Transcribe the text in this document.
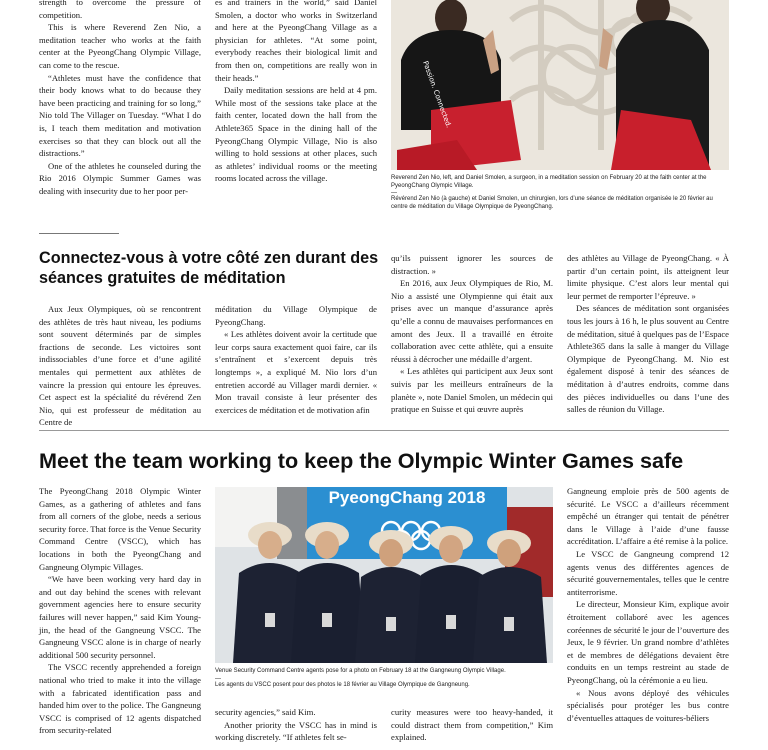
strength to overcome the pressure of competition.

This is where Reverend Zen Nio, a meditation teacher who works at the faith center at the PyeongChang Olympic Village, can come to the rescue.

“Athletes must have the confidence that their body knows what to do because they have been practicing and training for so long,” Nio told The Villager on Tuesday. “What I do is, I teach them meditation and motivation exercises so that they can block out all the distractions.”

One of the athletes he counseled during the Rio 2016 Olympic Summer Games was dealing with insecurity due to her poor per-

es and trainers in the world,” said Daniel Smolen, a doctor who works in Switzerland and here at the PyeongChang Village as a physician for athletes. “At some point, everybody reaches their biological limit and from then on, competitions are really won in their heads.”

Daily meditation sessions are held at 4 pm. While most of the sessions take place at the faith center, located down the hall from the Athlete365 Space in the dining hall of the PyeongChang Olympic Village, Nio is also willing to hold sessions at other places, such as athletes’ individual rooms or the meeting rooms located across the village.

Passion. Connected.
Reverend Zen Nio, left, and Daniel Smolen, a surgeon, in a meditation session on February 20 at the faith center at the PyeongChang Olympic Village.
—
Révérend Zen Nio (à gauche) et Daniel Smolen, un chirurgien, lors d’une séance de méditation organisée le 20 février au centre de méditation du Village Olympique de PyeongChang.
Connectez-vous à votre côté zen durant des séances gratuites de méditation

Aux Jeux Olympiques, où se rencontrent des athlètes de très haut niveau, les podiums sont souvent déterminés par de simples fractions de seconde. Les victoires sont indissociables d’une force et d’une agilité mentales qui permettent aux athlètes de vaincre la pression qui entoure les épreuves. Cet aspect est la spécialité du révérend Zen Nio, qui est professeur de méditation au Centre de

méditation du Village Olympique de PyeongChang.

« Les athlètes doivent avoir la certitude que leur corps saura exactement quoi faire, car ils s’entraînent et s’exercent depuis très longtemps », a expliqué M. Nio lors d’un entretien accordé au Villager mardi dernier. « Mon travail consiste à leur présenter des exercices de méditation et de motivation afin

qu’ils puissent ignorer les sources de distraction. »

En 2016, aux Jeux Olympiques de Rio, M. Nio a assisté une Olympienne qui était aux prises avec un manque d’assurance après qu’elle a connu de mauvaises performances en amont des Jeux. Il a travaillé en étroite collaboration avec cette athlète, qui a ensuite réussi à décrocher une médaille d’argent.

« Les athlètes qui participent aux Jeux sont suivis par les meilleurs entraîneurs de la planète », note Daniel Smolen, un médecin qui pratique en Suisse et qui œuvre auprès

des athlètes au Village de PyeongChang. « À partir d’un certain point, ils atteignent leur limite physique. C’est alors leur mental qui leur permet de remporter l’épreuve. »

Des séances de méditation sont organisées tous les jours à 16 h, le plus souvent au Centre de méditation, situé à quelques pas de l’Espace Athlete365 dans la salle à manger du Village Olympique de PyeongChang. M. Nio est également disposé à tenir des séances de méditation à d’autres endroits, comme dans des pièces individuelles ou dans l’une des salles de réunion du Village.

Meet the team working to keep the Olympic Winter Games safe

The PyeongChang 2018 Olympic Winter Games, as a gathering of athletes and fans from all corners of the globe, needs a serious security force. That force is the Venue Security Command Centre (VSCC), which has locations in both the PyeongChang and Gangneung Olympic Villages.

“We have been working very hard day in and out day behind the scenes with relevant government agencies here to ensure security failures will never happen,” said Kim Young-jin, the head of the Gangneung VSCC. The Gangneung VSCC alone is in charge of nearly additional 500 security personnel.

The VSCC recently apprehended a foreign national who tried to make it into the village with a fabricated identification pass and handed him over to the police. The Gangneung VSCC is comprised of 12 agents dispatched from security-related

PyeongChang 2018
Venue Security Command Centre agents pose for a photo on February 18 at the Gangneung Olympic Village.
—
Les agents du VSCC posent pour des photos le 18 février au Village Olympique de Gangneung.

security agencies,” said Kim.

Another priority the VSCC has in mind is working discretely. “If athletes felt se-

curity measures were too heavy-handed, it could distract them from competition,” Kim explained.

Gangneung emploie près de 500 agents de sécurité. Le VSCC a d’ailleurs récemment empêché un étranger qui tentait de pénétrer dans le Village à l’aide d’une fausse accréditation. L’affaire a été remise à la police.

Le VSCC de Gangneung comprend 12 agents venus des différentes agences de sécurité gouvernementales, telles que le centre antiterrorisme.

Le directeur, Monsieur Kim, explique avoir étroitement collaboré avec les agences coréennes de sécurité le jour de l’ouverture des Jeux, le 9 février. Un grand nombre d’athlètes et de membres de délégations devaient être conduits en un temps restreint au stade de PyeongChang, où la cérémonie a eu lieu.

« Nous avons déployé des véhicules spécialisés pour protéger les bus contre d’éventuelles attaques de voitures-béliers
